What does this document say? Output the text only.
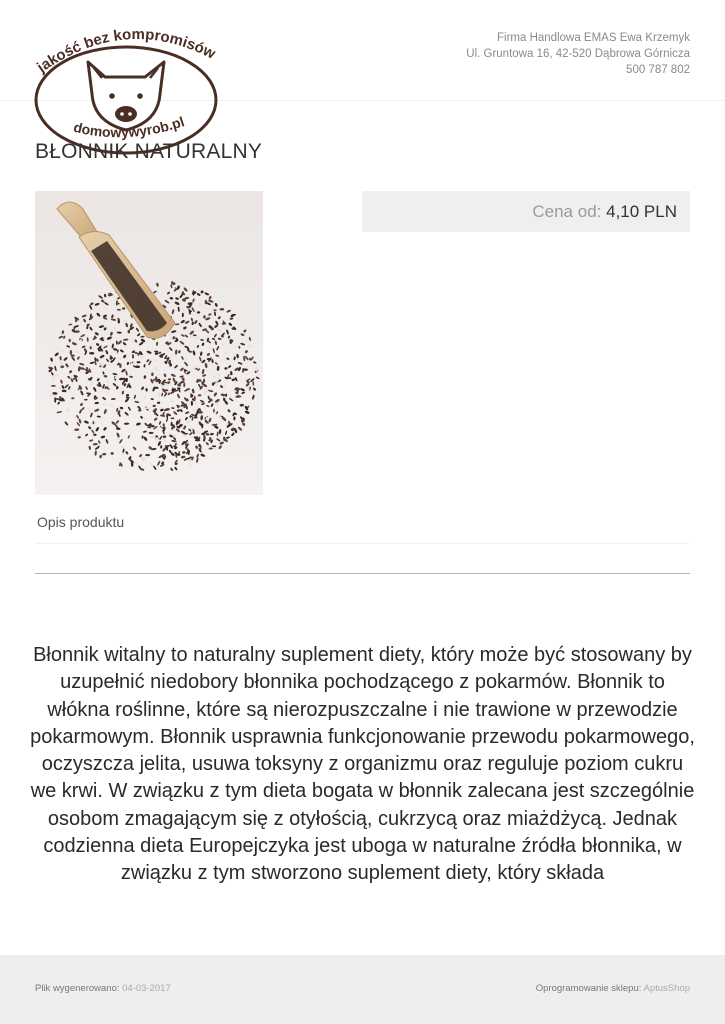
jakość bez kompromisów
domowywyrob.pl
Firma Handlowa EMAS Ewa Krzemyk
Ul. Gruntowa 16, 42-520 Dąbrowa Górnicza
500 787 802
BŁONNIK NATURALNY
Cena od: 4,10 PLN
Opis produktu

Błonnik witalny to naturalny suplement diety, który może być stosowany by uzupełnić niedobory błonnika pochodzącego z pokarmów. Błonnik to włókna roślinne, które są nierozpuszczalne i nie trawione w przewodzie pokarmowym. Błonnik usprawnia funkcjonowanie przewodu pokarmowego, oczyszcza jelita, usuwa toksyny z organizmu oraz reguluje poziom cukru we krwi. W związku z tym dieta bogata w błonnik zalecana jest szczególnie osobom zmagającym się z otyłością, cukrzycą oraz miażdżycą. Jednak codzienna dieta Europejczyka jest uboga w naturalne źródła błonnika, w związku z tym stworzono suplement diety, który składa

Plik wygenerowano: 04-03-2017	Oprogramowanie sklepu: AptusShop
